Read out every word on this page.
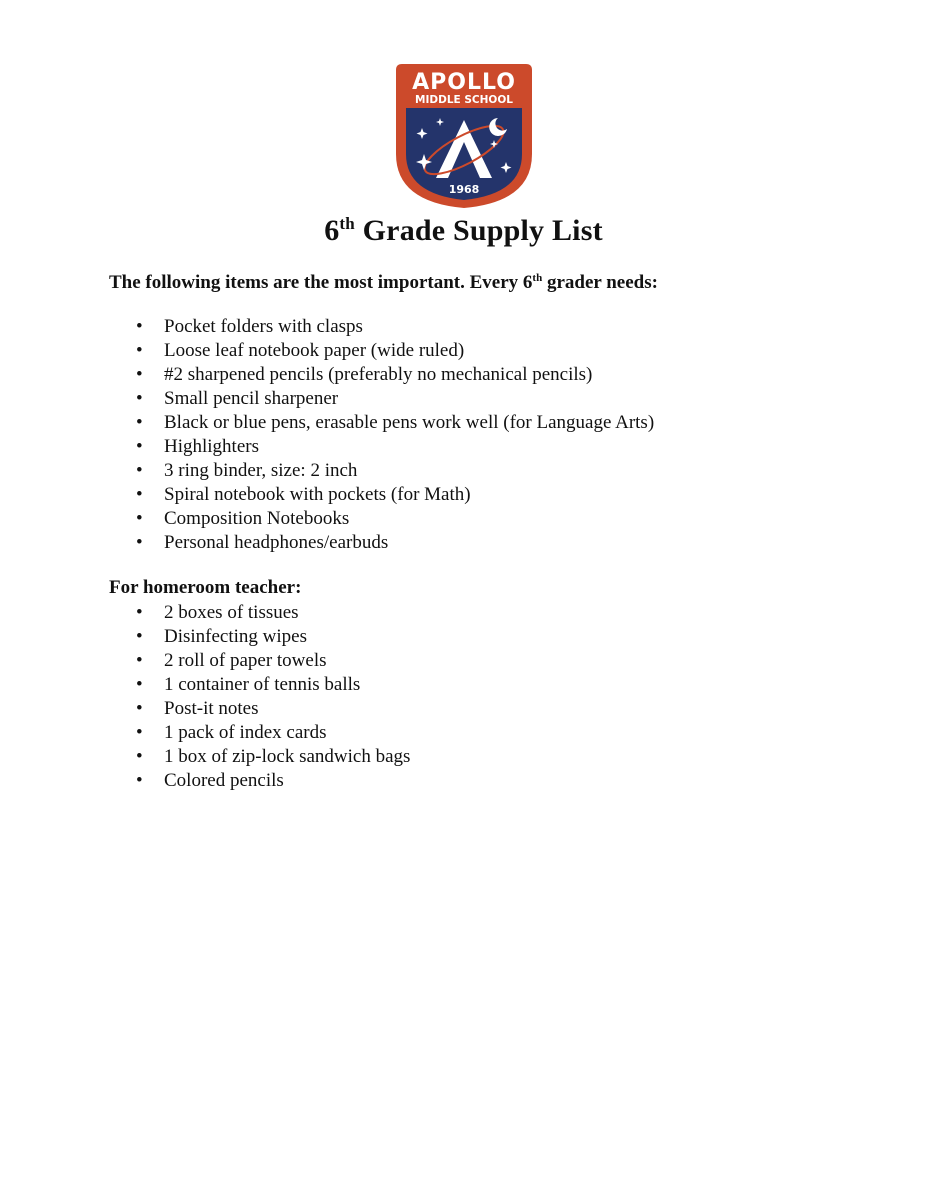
APOLLO
MIDDLE SCHOOL
1968
6th Grade Supply List
The following items are the most important. Every 6th grader needs:
• Pocket folders with clasps
• Loose leaf notebook paper (wide ruled)
• #2 sharpened pencils (preferably no mechanical pencils)
• Small pencil sharpener
• Black or blue pens, erasable pens work well (for Language Arts)
• Highlighters
• 3 ring binder, size: 2 inch
• Spiral notebook with pockets (for Math)
• Composition Notebooks
• Personal headphones/earbuds
For homeroom teacher:
• 2 boxes of tissues
• Disinfecting wipes
• 2 roll of paper towels
• 1 container of tennis balls
• Post-it notes
• 1 pack of index cards
• 1 box of zip-lock sandwich bags
• Colored pencils
